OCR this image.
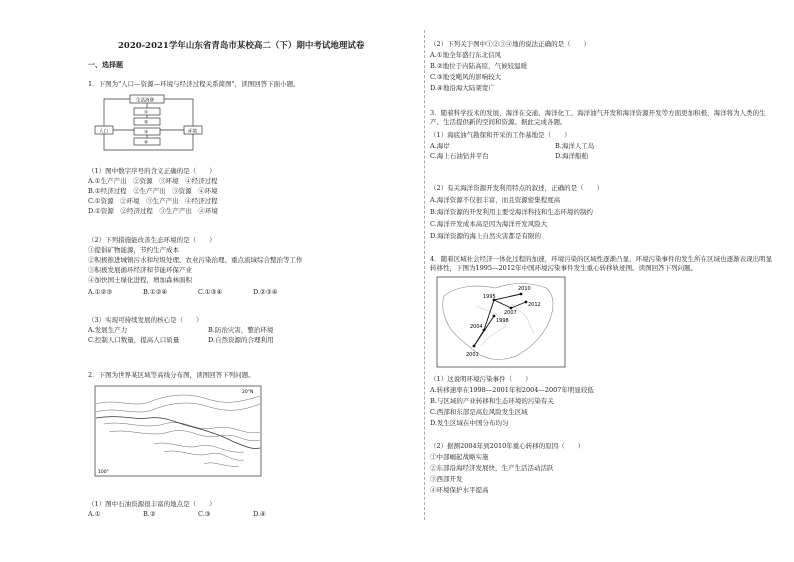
2020-2021学年山东省青岛市某校高二（下）期中考试地理试卷
一、选择题
1．下图为"人口—资源—环境与经济过程关系简图"，读图回答下面小题。
生活消费
人口	环境
①
②
③
④
（1）图中数字序号的含义正确的是（　　）
A.①生产产出　②资源　③环境　④经济过程
B.①经济过程　②生产产出　③资源　④环境
C.①资源　②环境　③生产产出　④经济过程
D.①资源　②经济过程　③生产产出　④环境
（2）下列措施能改善生态环境的是（　　）
①提倡矿物能源，节约生产成本
②积极推进城镇污水和垃圾处理、农业污染治理、重点流域综合整治等工作
③积极发展循环经济和节能环保产业
④加快国土绿化进程，增加森林面积
A.①②③	B.①②④	C.①③④	D.②③④
（3）实现可持续发展的核心是（　　）
A.发展生产力	B.防治灾害，整治环境
C.控制人口数量，提高人口质量	D.自然资源的合理利用
2．下图为世界某区域等高线分布图，读图回答下列问题。
20°N
100°
（1）图中石油资源很丰富的地点是（　　）
A.①	B.②	C.③	D.④
（2）下列关于图中①②③④地的说法正确的是（　　）
A.①地全年盛行东北信风
B.②地位于内陆高原，气候较温暖
C.③地受飓风的影响较大
D.④地沿海大陆架宽广
3．随着科学技术的发展，海洋在交通、海洋化工、海洋油气开发和海洋资源开发等方面更加积极，海洋将为人类的生产、生活提供新的空间和资源。据此完成各题。
（1）海底油气勘探和开采的工作基地是（　　）
A.海岸	B.海洋人工岛
C.海上石油钻井平台	D.海洋船舶
（2）有关海洋资源开发利用特点的叙述，正确的是（　　）
A.海洋资源不仅很丰富，而且资源密集程度高
B.海洋资源的开发利用主要受海洋科技和生态环境的制约
C.海洋开发成本高是因为海洋开发风险大
D.海洋资源的海上自然灾害都是有限的
4．随着区域社会经济一体化过程的加速，环境污染的区域性逐渐凸显，环境污染事件的发生所在区域也逐渐表现出明显转移性，下图为1995—2012年中国环境污染事件发生重心转移轨迹图。读图回答下列问题。
1995
2010
2007
2012
2004
1998
2001
（1）这说明环境污染事件（　　）
A.转移速率在1998—2001年和2004—2007年明显较低
B.与区域的产业转移和生态环境的污染有关
C.西部和东部是高危风险发生区域
D.发生区域在中国分布均匀
（2）据测2004年到2010年重心转移的原因（　　）
①中部崛起战略实施
②东部沿海经济发展快，生产生活活动活跃
③西部开发
④环境保护水平提高
